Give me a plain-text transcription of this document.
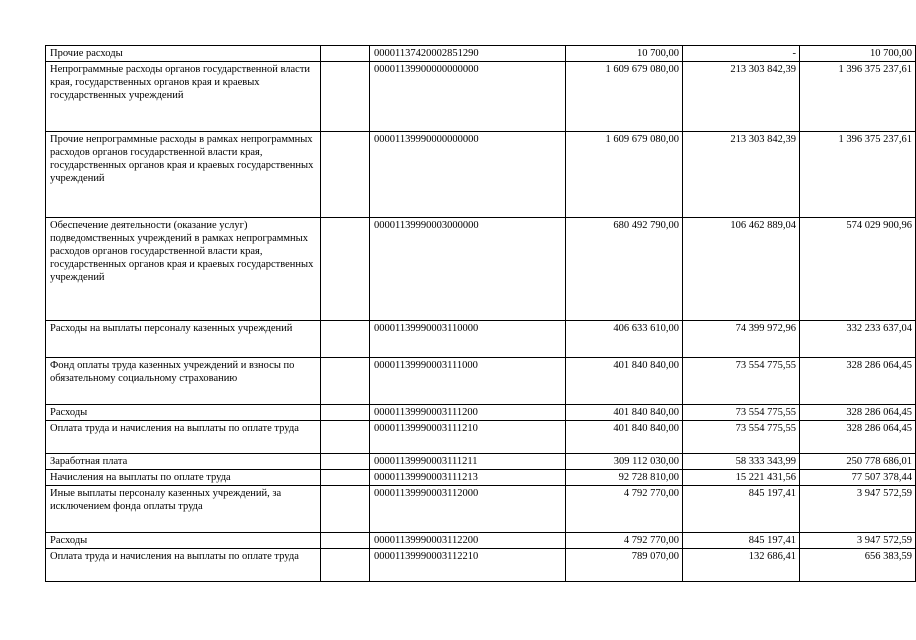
Прочие расходы		00001137420002851290	10 700,00	-	10 700,00
Непрограммные расходы органов государственной власти края, государственных органов края и краевых государственных учреждений		00001139900000000000	1 609 679 080,00	213 303 842,39	1 396 375 237,61
Прочие непрограммные расходы в рамках непрограммных расходов органов государственной власти края, государственных органов края и краевых государственных учреждений		00001139990000000000	1 609 679 080,00	213 303 842,39	1 396 375 237,61
Обеспечение деятельности (оказание услуг) подведомственных учреждений в рамках непрограммных расходов органов государственной власти края, государственных органов края и краевых государственных учреждений		00001139990003000000	680 492 790,00	106 462 889,04	574 029 900,96
Расходы на выплаты персоналу казенных учреждений		00001139990003110000	406 633 610,00	74 399 972,96	332 233 637,04
Фонд оплаты труда казенных учреждений и взносы по обязательному социальному страхованию		00001139990003111000	401 840 840,00	73 554 775,55	328 286 064,45
Расходы		00001139990003111200	401 840 840,00	73 554 775,55	328 286 064,45
Оплата труда и начисления на выплаты по оплате труда		00001139990003111210	401 840 840,00	73 554 775,55	328 286 064,45
Заработная плата		00001139990003111211	309 112 030,00	58 333 343,99	250 778 686,01
Начисления на выплаты по оплате труда		00001139990003111213	92 728 810,00	15 221 431,56	77 507 378,44
Иные выплаты персоналу казенных учреждений, за исключением фонда оплаты труда		00001139990003112000	4 792 770,00	845 197,41	3 947 572,59
Расходы		00001139990003112200	4 792 770,00	845 197,41	3 947 572,59
Оплата труда и начисления на выплаты по оплате труда		00001139990003112210	789 070,00	132 686,41	656 383,59
